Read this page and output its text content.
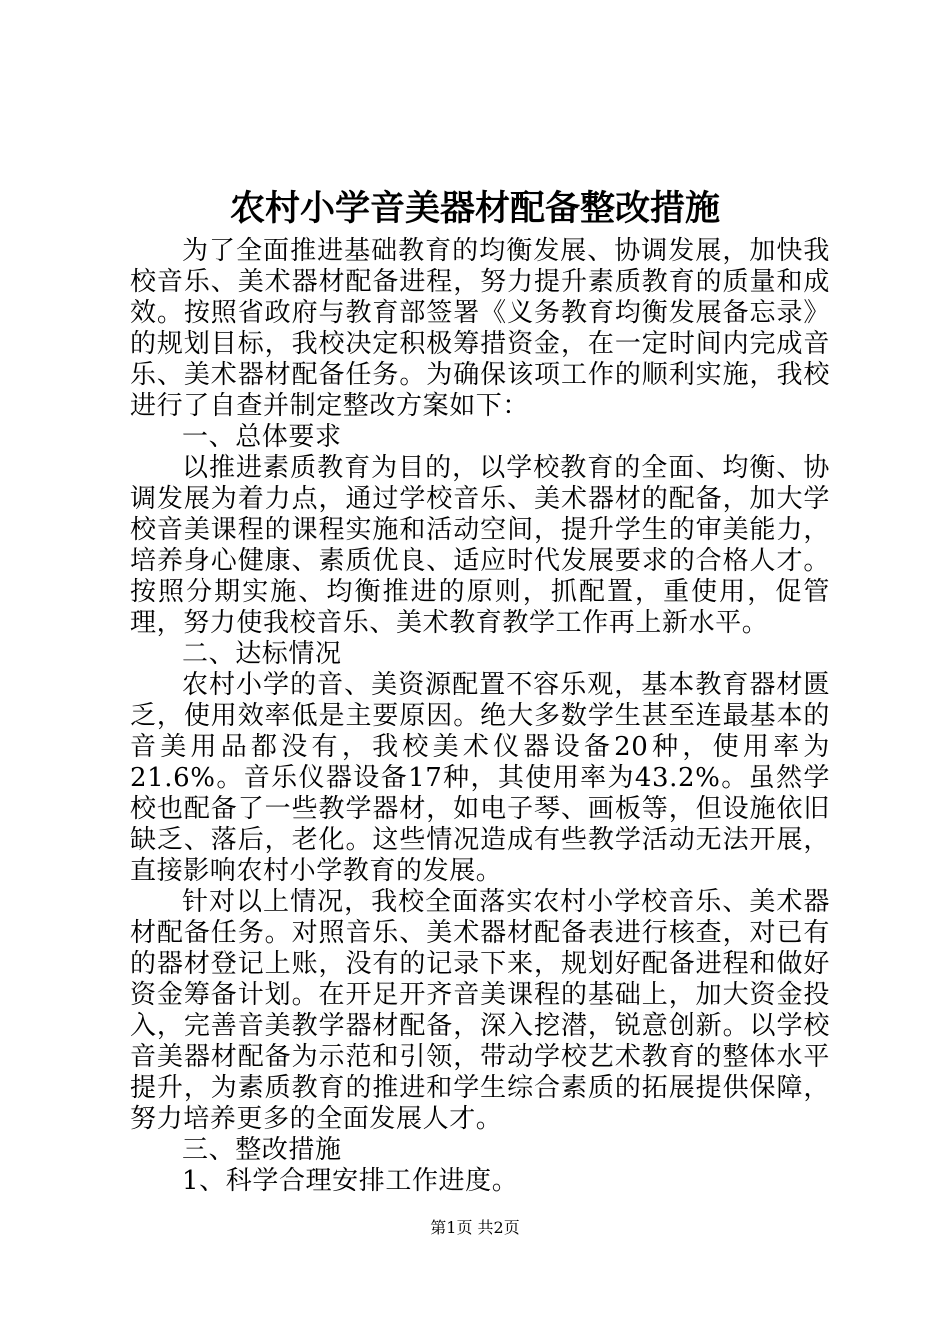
农村小学音美器材配备整改措施

为了全面推进基础教育的均衡发展、协调发展，加快我校音乐、美术器材配备进程，努力提升素质教育的质量和成效。按照省政府与教育部签署《义务教育均衡发展备忘录》的规划目标，我校决定积极筹措资金，在一定时间内完成音乐、美术器材配备任务。为确保该项工作的顺利实施，我校进行了自查并制定整改方案如下：

一、总体要求

以推进素质教育为目的，以学校教育的全面、均衡、协调发展为着力点，通过学校音乐、美术器材的配备，加大学校音美课程的课程实施和活动空间，提升学生的审美能力，培养身心健康、素质优良、适应时代发展要求的合格人才。按照分期实施、均衡推进的原则，抓配置，重使用，促管理，努力使我校音乐、美术教育教学工作再上新水平。

二、达标情况

农村小学的音、美资源配置不容乐观，基本教育器材匮乏，使用效率低是主要原因。绝大多数学生甚至连最基本的音美用品都没有，我校美术仪器设备20种，使用率为21.6%。音乐仪器设备17种，其使用率为43.2%。虽然学校也配备了一些教学器材，如电子琴、画板等，但设施依旧缺乏、落后，老化。这些情况造成有些教学活动无法开展，直接影响农村小学教育的发展。

针对以上情况，我校全面落实农村小学校音乐、美术器材配备任务。对照音乐、美术器材配备表进行核查，对已有的器材登记上账，没有的记录下来，规划好配备进程和做好资金筹备计划。在开足开齐音美课程的基础上，加大资金投入，完善音美教学器材配备，深入挖潜，锐意创新。以学校音美器材配备为示范和引领，带动学校艺术教育的整体水平提升，为素质教育的推进和学生综合素质的拓展提供保障，努力培养更多的全面发展人才。

三、整改措施

1、科学合理安排工作进度。

第1页 共2页
